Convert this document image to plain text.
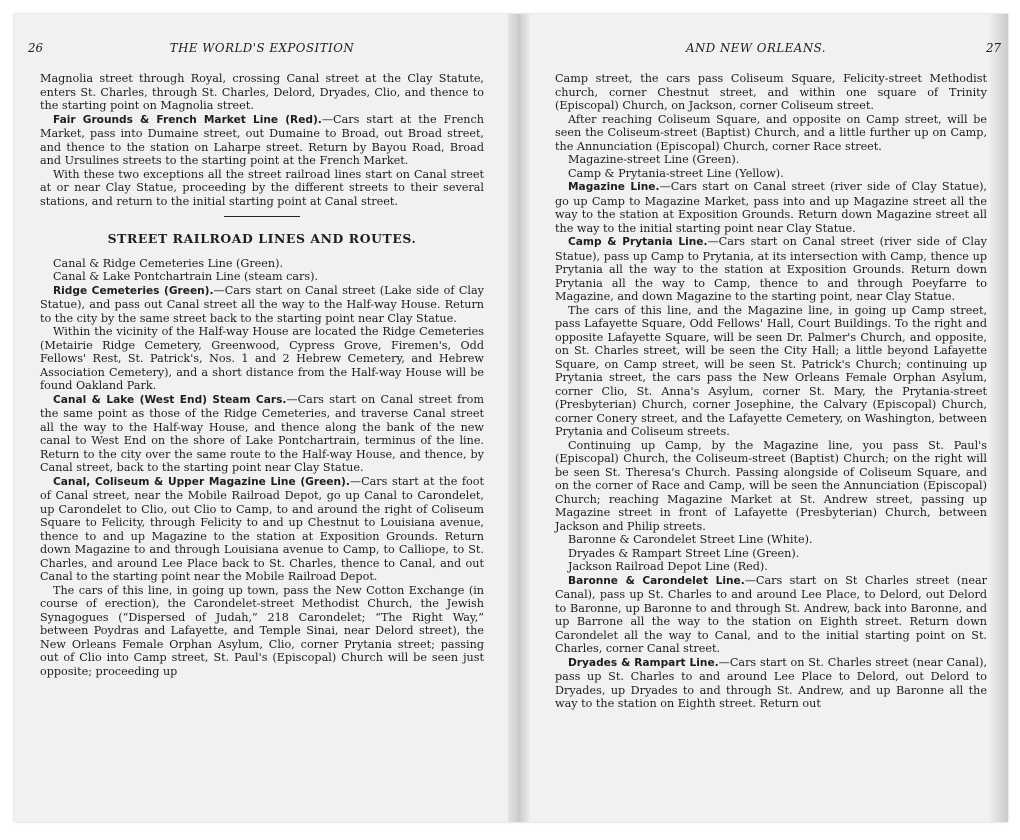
26	THE WORLD'S EXPOSITION

Magnolia street through Royal, crossing Canal street at the Clay Statute, enters St. Charles, through St. Charles, Delord, Dryades, Clio, and thence to the starting point on Magnolia street.

Fair Grounds & French Market Line (Red).—Cars start at the French Market, pass into Dumaine street, out Dumaine to Broad, out Broad street, and thence to the station on Laharpe street. Return by Bayou Road, Broad and Ursulines streets to the starting point at the French Market.

With these two exceptions all the street railroad lines start on Canal street at or near Clay Statue, proceeding by the different streets to their several stations, and return to the initial starting point at Canal street.

STREET RAILROAD LINES AND ROUTES.

Canal & Ridge Cemeteries Line (Green).

Canal & Lake Pontchartrain Line (steam cars).

Ridge Cemeteries (Green).—Cars start on Canal street (Lake side of Clay Statue), and pass out Canal street all the way to the Half-way House. Return to the city by the same street back to the starting point near Clay Statue.

Within the vicinity of the Half-way House are located the Ridge Cemeteries (Metairie Ridge Cemetery, Greenwood, Cypress Grove, Firemen's, Odd Fellows' Rest, St. Patrick's, Nos. 1 and 2 Hebrew Cemetery, and Hebrew Association Cemetery), and a short distance from the Half-way House will be found Oakland Park.

Canal & Lake (West End) Steam Cars.—Cars start on Canal street from the same point as those of the Ridge Cemeteries, and traverse Canal street all the way to the Half-way House, and thence along the bank of the new canal to West End on the shore of Lake Pontchartrain, terminus of the line. Return to the city over the same route to the Half-way House, and thence, by Canal street, back to the starting point near Clay Statue.

Canal, Coliseum & Upper Magazine Line (Green).—Cars start at the foot of Canal street, near the Mobile Railroad Depot, go up Canal to Carondelet, up Carondelet to Clio, out Clio to Camp, to and around the right of Coliseum Square to Felicity, through Felicity to and up Chestnut to Louisiana avenue, thence to and up Magazine to the station at Exposition Grounds. Return down Magazine to and through Louisiana avenue to Camp, to Calliope, to St. Charles, and around Lee Place back to St. Charles, thence to Canal, and out Canal to the starting point near the Mobile Railroad Depot.

The cars of this line, in going up town, pass the New Cotton Exchange (in course of erection), the Carondelet-street Methodist Church, the Jewish Synagogues (“Dispersed of Judah,” 218 Carondelet; “The Right Way,” between Poydras and Lafayette, and Temple Sinai, near Delord street), the New Orleans Female Orphan Asylum, Clio, corner Prytania street; passing out of Clio into Camp street, St. Paul's (Episcopal) Church will be seen just opposite; proceeding up

AND NEW ORLEANS.	27

Camp street, the cars pass Coliseum Square, Felicity-street Methodist church, corner Chestnut street, and within one square of Trinity (Episcopal) Church, on Jackson, corner Coliseum street.

After reaching Coliseum Square, and opposite on Camp street, will be seen the Coliseum-street (Baptist) Church, and a little further up on Camp, the Annunciation (Episcopal) Church, corner Race street.

Magazine-street Line (Green).

Camp & Prytania-street Line (Yellow).

Magazine Line.—Cars start on Canal street (river side of Clay Statue), go up Camp to Magazine Market, pass into and up Magazine street all the way to the station at Exposition Grounds. Return down Magazine street all the way to the initial starting point near Clay Statue.

Camp & Prytania Line.—Cars start on Canal street (river side of Clay Statue), pass up Camp to Prytania, at its intersection with Camp, thence up Prytania all the way to the station at Exposition Grounds. Return down Prytania all the way to Camp, thence to and through Poeyfarre to Magazine, and down Magazine to the starting point, near Clay Statue.

The cars of this line, and the Magazine line, in going up Camp street, pass Lafayette Square, Odd Fellows' Hall, Court Buildings. To the right and opposite Lafayette Square, will be seen Dr. Palmer's Church, and opposite, on St. Charles street, will be seen the City Hall; a little beyond Lafayette Square, on Camp street, will be seen St. Patrick's Church; continuing up Prytania street, the cars pass the New Orleans Female Orphan Asylum, corner Clio, St. Anna's Asylum, corner St. Mary, the Prytania-street (Presbyterian) Church, corner Josephine, the Calvary (Episcopal) Church, corner Conery street, and the Lafayette Cemetery, on Washington, between Prytania and Coliseum streets.

Continuing up Camp, by the Magazine line, you pass St. Paul's (Episcopal) Church, the Coliseum-street (Baptist) Church; on the right will be seen St. Theresa's Church. Passing alongside of Coliseum Square, and on the corner of Race and Camp, will be seen the Annunciation (Episcopal) Church; reaching Magazine Market at St. Andrew street, passing up Magazine street in front of Lafayette (Presbyterian) Church, between Jackson and Philip streets.

Baronne & Carondelet Street Line (White).

Dryades & Rampart Street Line (Green).

Jackson Railroad Depot Line (Red).

Baronne & Carondelet Line.—Cars start on St Charles street (near Canal), pass up St. Charles to and around Lee Place, to Delord, out Delord to Baronne, up Baronne to and through St. Andrew, back into Baronne, and up Barrone all the way to the station on Eighth street. Return down Carondelet all the way to Canal, and to the initial starting point on St. Charles, corner Canal street.

Dryades & Rampart Line.—Cars start on St. Charles street (near Canal), pass up St. Charles to and around Lee Place to Delord, out Delord to Dryades, up Dryades to and through St. Andrew, and up Baronne all the way to the station on Eighth street. Return out
